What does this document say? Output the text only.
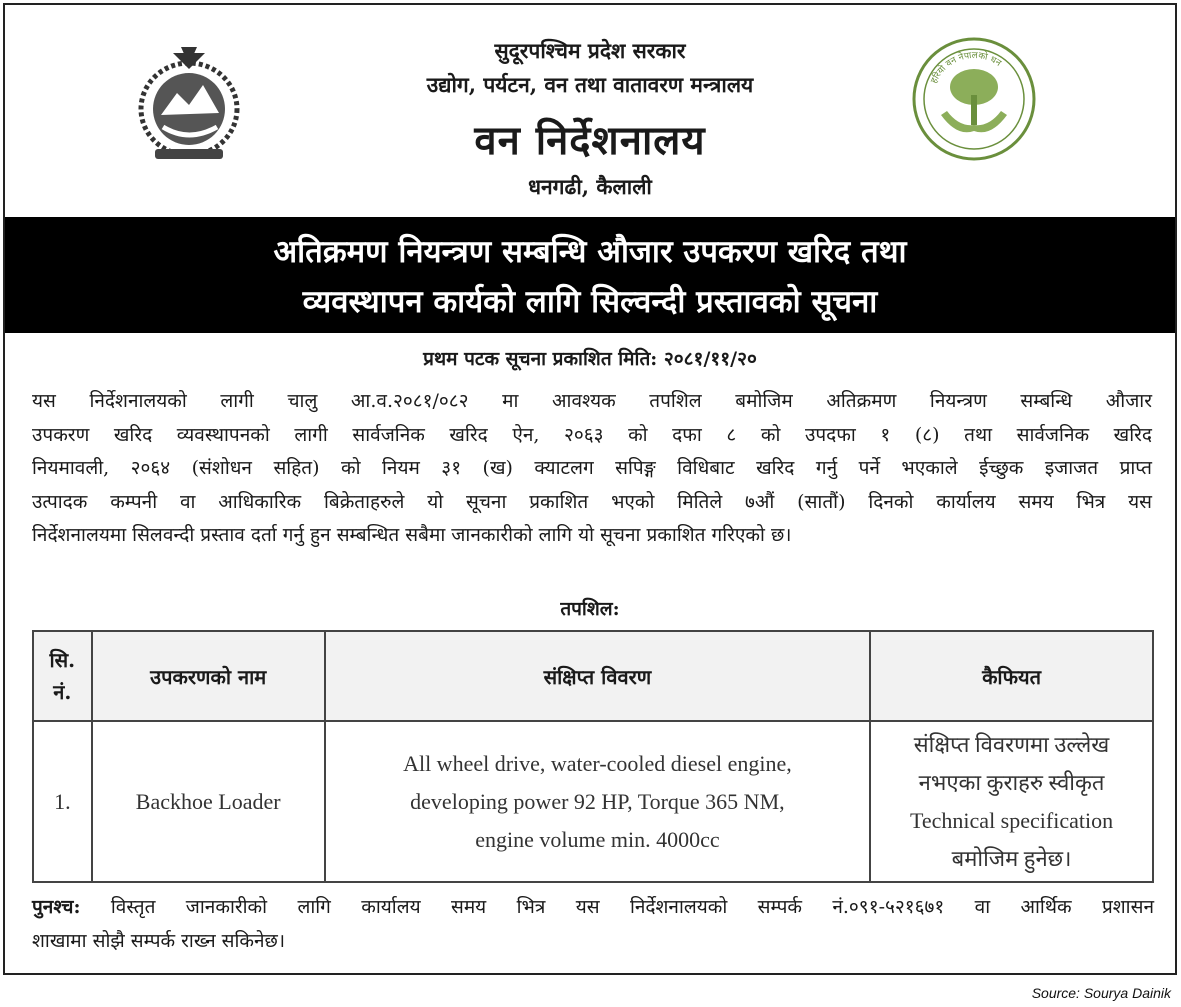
सुदूरपश्चिम प्रदेश सरकार
उद्योग, पर्यटन, वन तथा वातावरण मन्त्रालय
वन निर्देशनालय
धनगढी, कैलाली
हरियो वन नेपालको धन
अतिक्रमण नियन्त्रण सम्बन्धि औजार उपकरण खरिद तथा
व्यवस्थापन कार्यको लागि सिल्वन्दी प्रस्तावको सूचना
प्रथम पटक सूचना प्रकाशित मिति: २०८१/११/२०
यस निर्देशनालयको लागी चालु आ.व.२०८१/०८२ मा आवश्यक तपशिल बमोजिम अतिक्रमण नियन्त्रण सम्बन्धि औजार
उपकरण खरिद व्यवस्थापनको लागी सार्वजनिक खरिद ऐन, २०६३ को दफा ८ को उपदफा १ (८) तथा सार्वजनिक खरिद
नियमावली, २०६४ (संशोधन सहित) को नियम ३१ (ख) क्याटलग सपिङ्ग विधिबाट खरिद गर्नु पर्ने भएकाले ईच्छुक इजाजत प्राप्त
उत्पादक कम्पनी वा आधिकारिक बिक्रेताहरुले यो सूचना प्रकाशित भएको मितिले ७औं (सातौं) दिनको कार्यालय समय भित्र यस
निर्देशनालयमा सिलवन्दी प्रस्ताव दर्ता गर्नु हुन सम्बन्धित सबैमा जानकारीको लागि यो सूचना प्रकाशित गरिएको छ।
तपशिल:
सि.
नं.	उपकरणको नाम	संक्षिप्त विवरण	कैफियत
1.	Backhoe Loader	All wheel drive, water-cooled diesel engine,
developing power 92 HP, Torque 365 NM,
engine volume min. 4000cc	संक्षिप्त विवरणमा उल्लेख
नभएका कुराहरु स्वीकृत
Technical specification
बमोजिम हुनेछ।
पुनश्च: विस्तृत जानकारीको लागि कार्यालय समय भित्र यस निर्देशनालयको सम्पर्क नं.०९१-५२१६७१ वा आर्थिक प्रशासन
शाखामा सोझै सम्पर्क राख्न सकिनेछ।
Source: Sourya Dainik
